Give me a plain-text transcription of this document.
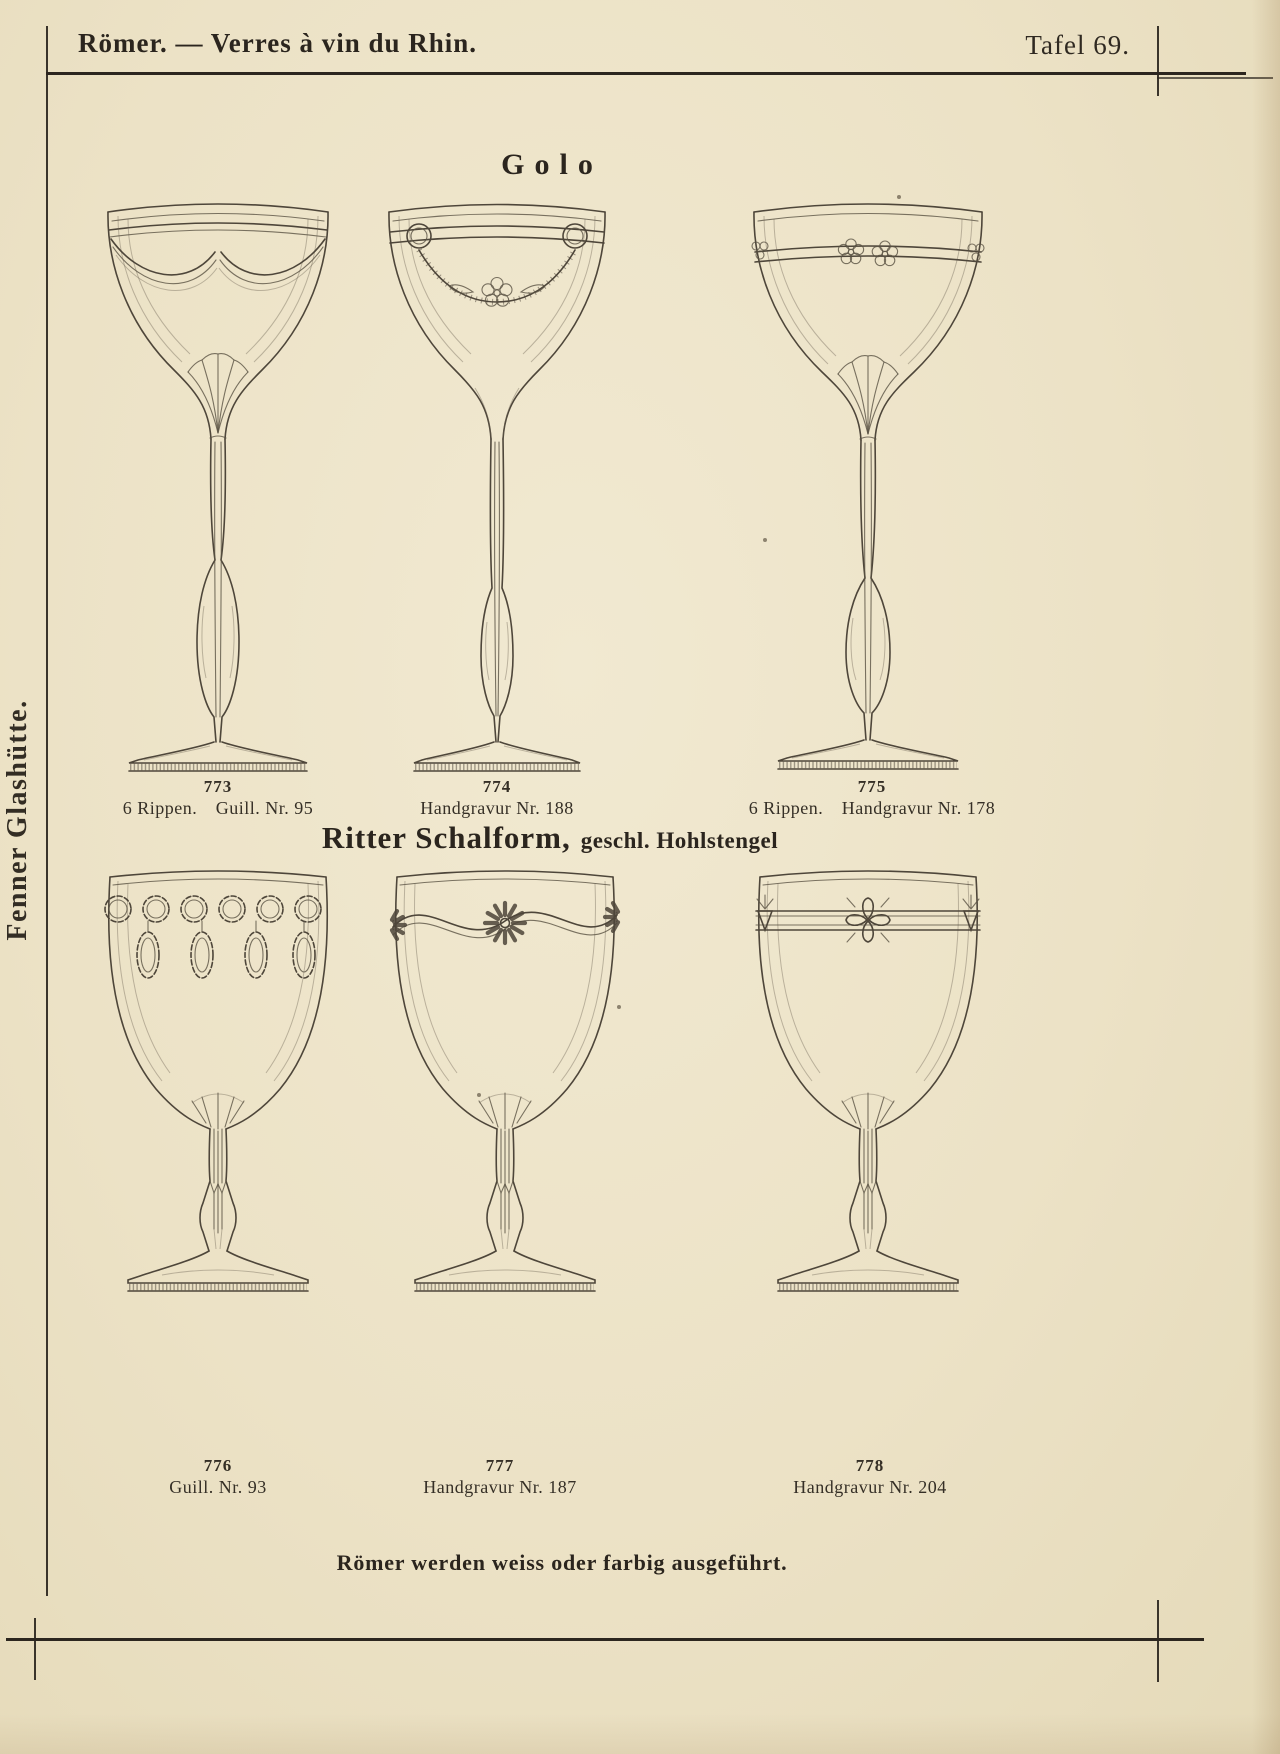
Römer. — Verres à vin du Rhin.	Tafel 69.
Fenner Glashütte.
Golo
773
6 Rippen. Guill. Nr. 95
774
Handgravur Nr. 188
775
6 Rippen. Handgravur Nr. 178
Ritter Schalform, geschl. Hohlstengel
776
Guill. Nr. 93
777
Handgravur Nr. 187
778
Handgravur Nr. 204
Römer werden weiss oder farbig ausgeführt.
